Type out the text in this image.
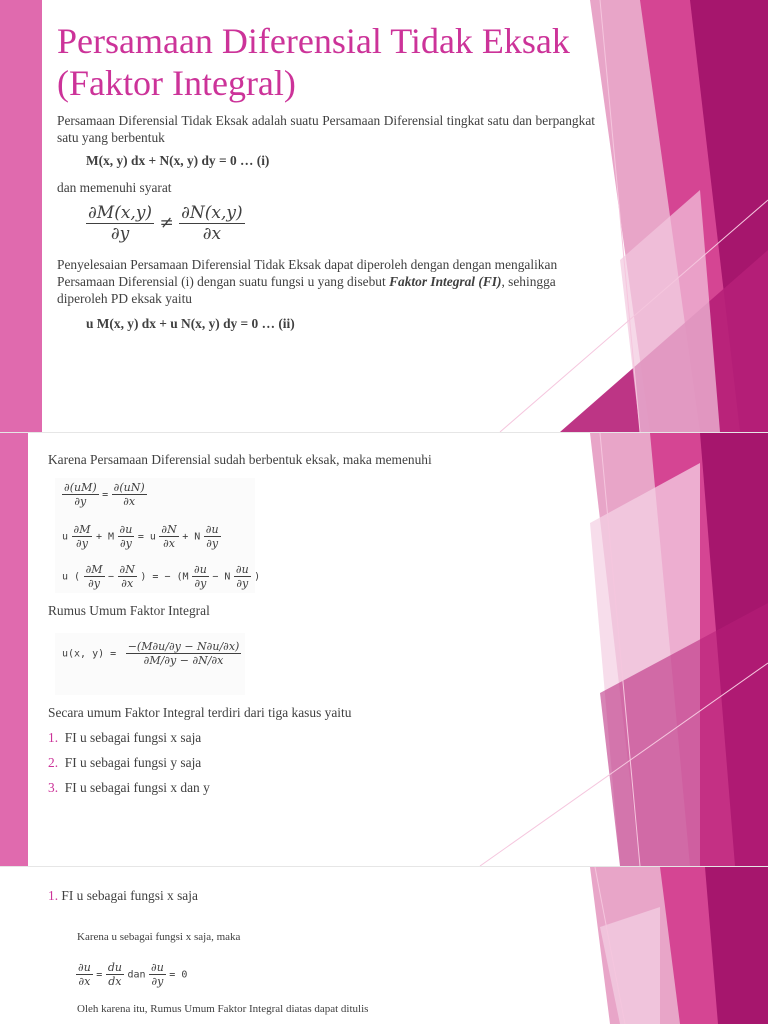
Persamaan Diferensial Tidak Eksak (Faktor Integral)
Persamaan Diferensial Tidak Eksak adalah suatu Persamaan Diferensial tingkat satu dan berpangkat satu yang berbentuk
M(x, y) dx + N(x, y) dy = 0 … (i)
dan memenuhi syarat
$\frac{\partial M(x,y)}{\partial y} \ne \frac{\partial N(x,y)}{\partial x}$
Penyelesaian Persamaan Diferensial Tidak Eksak dapat diperoleh dengan dengan mengalikan Persamaan Diferensial (i) dengan suatu fungsi u yang disebut Faktor Integral (FI), sehingga diperoleh PD eksak yaitu
u M(x, y) dx + u N(x, y) dy = 0 … (ii)
Karena Persamaan Diferensial sudah berbentuk eksak, maka memenuhi
$\frac{\partial(uM)}{\partial y} = \frac{\partial(uN)}{\partial x}$
u $\frac{\partial M}{\partial y} + M \frac{\partial u}{\partial y} = u \frac{\partial N}{\partial x} + N \frac{\partial u}{\partial y}$
u ( $\frac{\partial M}{\partial y} - \frac{\partial N}{\partial x}$ ) = − ($M \frac{\partial u}{\partial y} - N \frac{\partial u}{\partial y}$ )
Rumus Umum Faktor Integral
u(x, $y) = \frac{-(M\partial u/\partial y - N\partial u/\partial x)}{\partial M/\partial y - \partial N/\partial x}$
Secara umum Faktor Integral terdiri dari tiga kasus yaitu
1. FI u sebagai fungsi x saja
2. FI u sebagai fungsi y saja
3. FI u sebagai fungsi x dan y
1. FI u sebagai fungsi x saja
Karena u sebagai fungsi x saja, maka
$\frac{\partial u}{\partial x} = \frac{du}{dx}$ dan $\frac{\partial u}{\partial y} = 0$
Oleh karena itu, Rumus Umum Faktor Integral diatas dapat ditulis
